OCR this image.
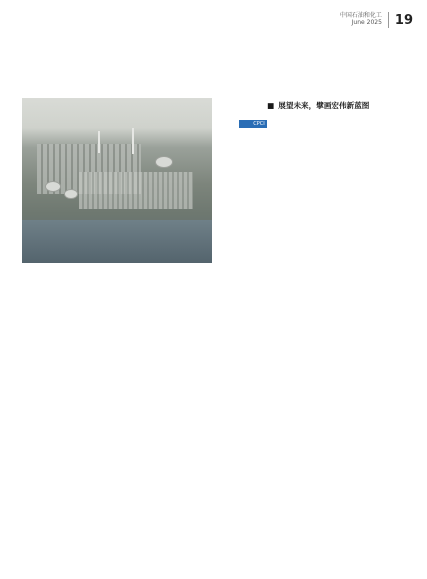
中国石油和化工
June 2025 19

■ 展望未来，擘画宏伟新蓝图

CPCI
